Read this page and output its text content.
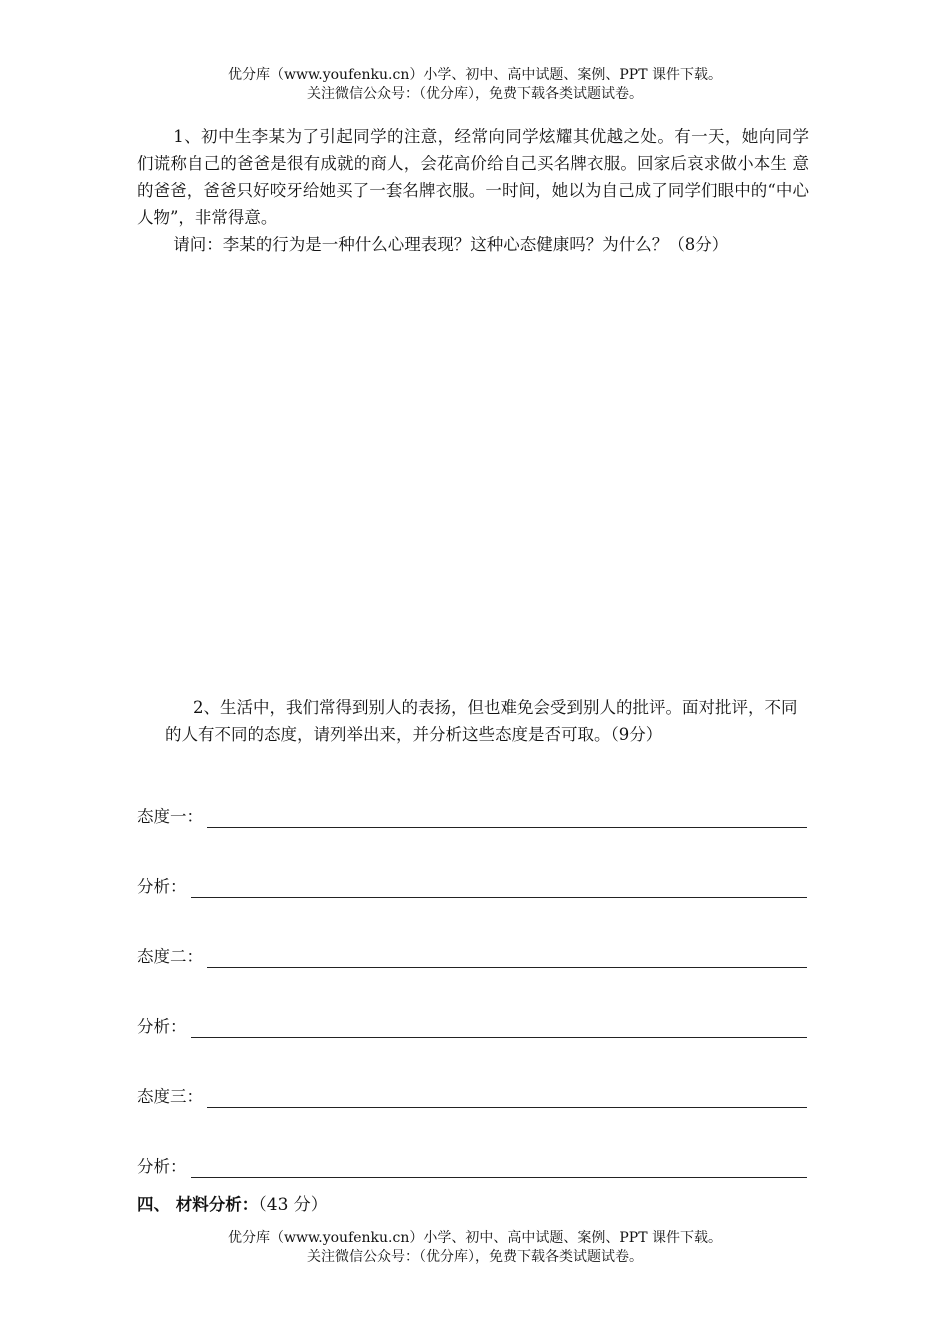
优分库（www.youfenku.cn）小学、初中、高中试题、案例、PPT 课件下载。
关注微信公众号：（优分库），免费下载各类试题试卷。

1、初中生李某为了引起同学的注意，经常向同学炫耀其优越之处。有一天，她向同学们谎称自己的爸爸是很有成就的商人，会花高价给自己买名牌衣服。回家后哀求做小本生 意的爸爸，爸爸只好咬牙给她买了一套名牌衣服。一时间，她以为自己成了同学们眼中的“中心人物”，非常得意。

请问：李某的行为是一种什么心理表现？这种心态健康吗？为什么？（8分）

2、生活中，我们常得到别人的表扬，但也难免会受到别人的批评。面对批评，不同的人有不同的态度，请列举出来，并分析这些态度是否可取。（9分）

态度一：
分析：
态度二：
分析：
态度三：
分析：
四、 材料分析：（43 分）
优分库（www.youfenku.cn）小学、初中、高中试题、案例、PPT 课件下载。
关注微信公众号：（优分库），免费下载各类试题试卷。
